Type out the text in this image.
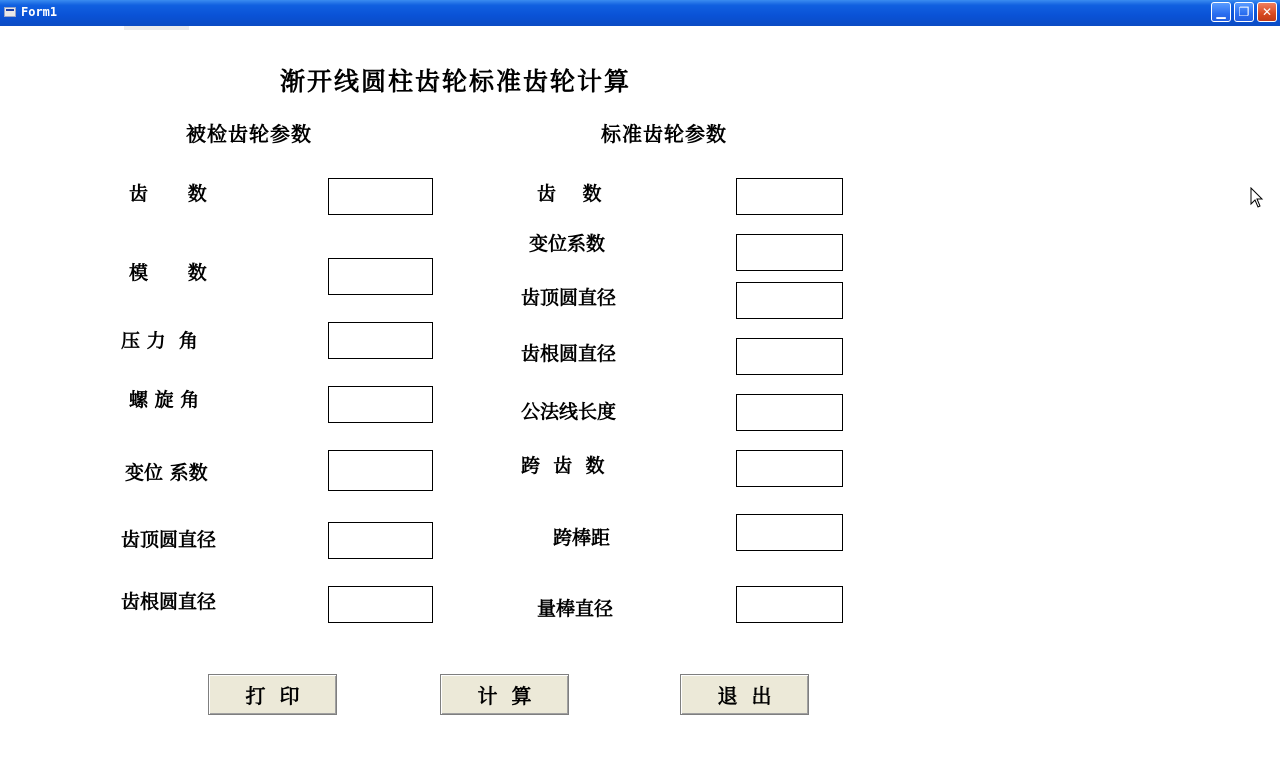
Form1	▁	❐	✕
渐开线圆柱齿轮标准齿轮计算
被检齿轮参数	标准齿轮参数
齿      数
模      数
压 力  角
螺 旋 角
变位 系数
齿顶圆直径
齿根圆直径
齿    数
变位系数
齿顶圆直径
齿根圆直径
公法线长度
跨  齿  数
跨棒距
量棒直径
打  印	计  算	退  出
